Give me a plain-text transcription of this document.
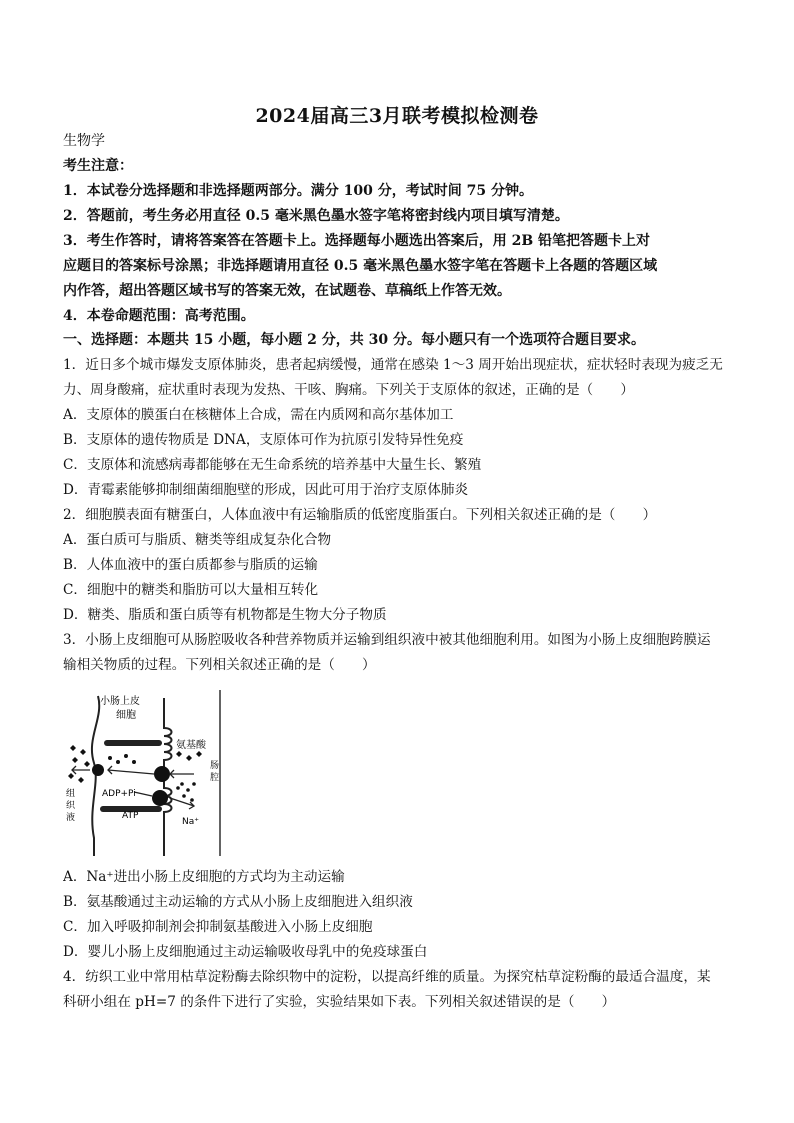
2024届高三3月联考模拟检测卷
生物学
考生注意：
1．本试卷分选择题和非选择题两部分。满分 100 分，考试时间 75 分钟。
2．答题前，考生务必用直径 0.5 毫米黑色墨水签字笔将密封线内项目填写清楚。
3．考生作答时，请将答案答在答题卡上。选择题每小题选出答案后，用 2B 铅笔把答题卡上对
应题目的答案标号涂黑；非选择题请用直径 0.5 毫米黑色墨水签字笔在答题卡上各题的答题区域
内作答，超出答题区域书写的答案无效，在试题卷、草稿纸上作答无效。
4．本卷命题范围：高考范围。
一、选择题：本题共 15 小题，每小题 2 分，共 30 分。每小题只有一个选项符合题目要求。
1．近日多个城市爆发支原体肺炎，患者起病缓慢，通常在感染 1～3 周开始出现症状，症状轻时表现为疲乏无
力、周身酸痛，症状重时表现为发热、干咳、胸痛。下列关于支原体的叙述，正确的是（　　）
A．支原体的膜蛋白在核糖体上合成，需在内质网和高尔基体加工
B．支原体的遗传物质是 DNA，支原体可作为抗原引发特异性免疫
C．支原体和流感病毒都能够在无生命系统的培养基中大量生长、繁殖
D．青霉素能够抑制细菌细胞壁的形成，因此可用于治疗支原体肺炎
2．细胞膜表面有糖蛋白，人体血液中有运输脂质的低密度脂蛋白。下列相关叙述正确的是（　　）
A．蛋白质可与脂质、糖类等组成复杂化合物
B．人体血液中的蛋白质都参与脂质的运输
C．细胞中的糖类和脂肪可以大量相互转化
D．糖类、脂质和蛋白质等有机物都是生物大分子物质
3．小肠上皮细胞可从肠腔吸收各种营养物质并运输到组织液中被其他细胞利用。如图为小肠上皮细胞跨膜运
输相关物质的过程。下列相关叙述正确的是（　　）
小肠上皮
细胞
氨基酸
肠
腔
组
织
液
ADP+Pi
ATP
Na⁺
A．Na⁺进出小肠上皮细胞的方式均为主动运输
B．氨基酸通过主动运输的方式从小肠上皮细胞进入组织液
C．加入呼吸抑制剂会抑制氨基酸进入小肠上皮细胞
D．婴儿小肠上皮细胞通过主动运输吸收母乳中的免疫球蛋白
4．纺织工业中常用枯草淀粉酶去除织物中的淀粉，以提高纤维的质量。为探究枯草淀粉酶的最适合温度，某
科研小组在 pH=7 的条件下进行了实验，实验结果如下表。下列相关叙述错误的是（　　）
